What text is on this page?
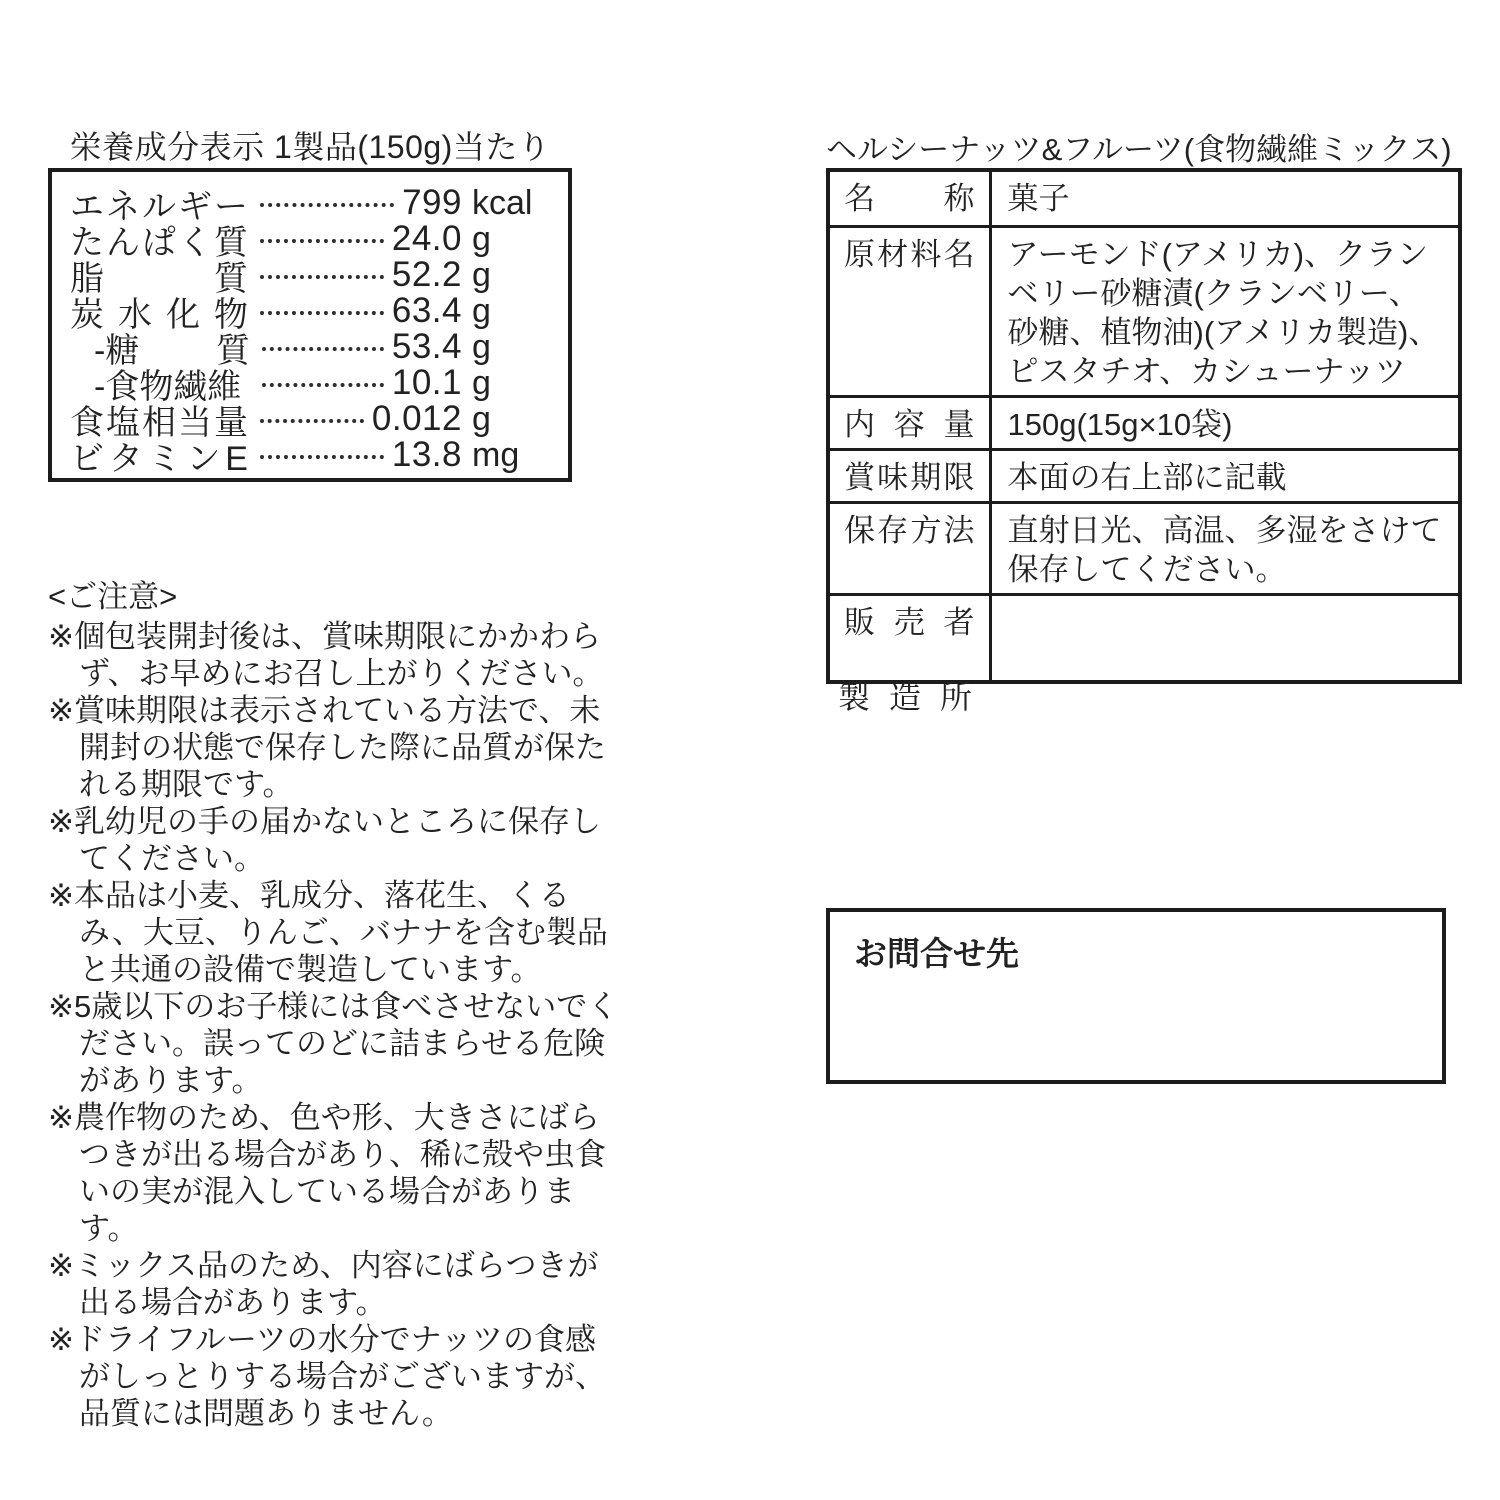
栄養成分表示 1製品(150g)当たり
エネルギー	799 kcal
たんぱく質	24.0 g
脂質	52.2 g
炭水化物	63.4 g
-糖 質	53.4 g
-食物繊維	10.1 g
食塩相当量	0.012 g
ビタミンE	13.8 mg
<ご注意>

※個包装開封後は、賞味期限にかかわらず、お早めにお召し上がりください。

※賞味期限は表示されている方法で、未開封の状態で保存した際に品質が保たれる期限です。

※乳幼児の手の届かないところに保存してください。

※本品は小麦、乳成分、落花生、くるみ、大豆、りんご、バナナを含む製品と共通の設備で製造しています。

※5歳以下のお子様には食べさせないでください。誤ってのどに詰まらせる危険があります。

※農作物のため、色や形、大きさにばらつきが出る場合があり、稀に殻や虫食いの実が混入している場合があります。

※ミックス品のため、内容にばらつきが出る場合があります。

※ドライフルーツの水分でナッツの食感がしっとりする場合がございますが、品質には問題ありません。

ヘルシーナッツ&フルーツ(食物繊維ミックス)
名称	菓子
原材料名	アーモンド(アメリカ)、クランベリー砂糖漬(クランベリー、砂糖、植物油)(アメリカ製造)、ピスタチオ、カシューナッツ
内容量	150g(15g×10袋)
賞味期限	本面の右上部に記載
保存方法	直射日光、高温、多湿をさけて保存してください。
販売者	
製造所
お問合せ先
